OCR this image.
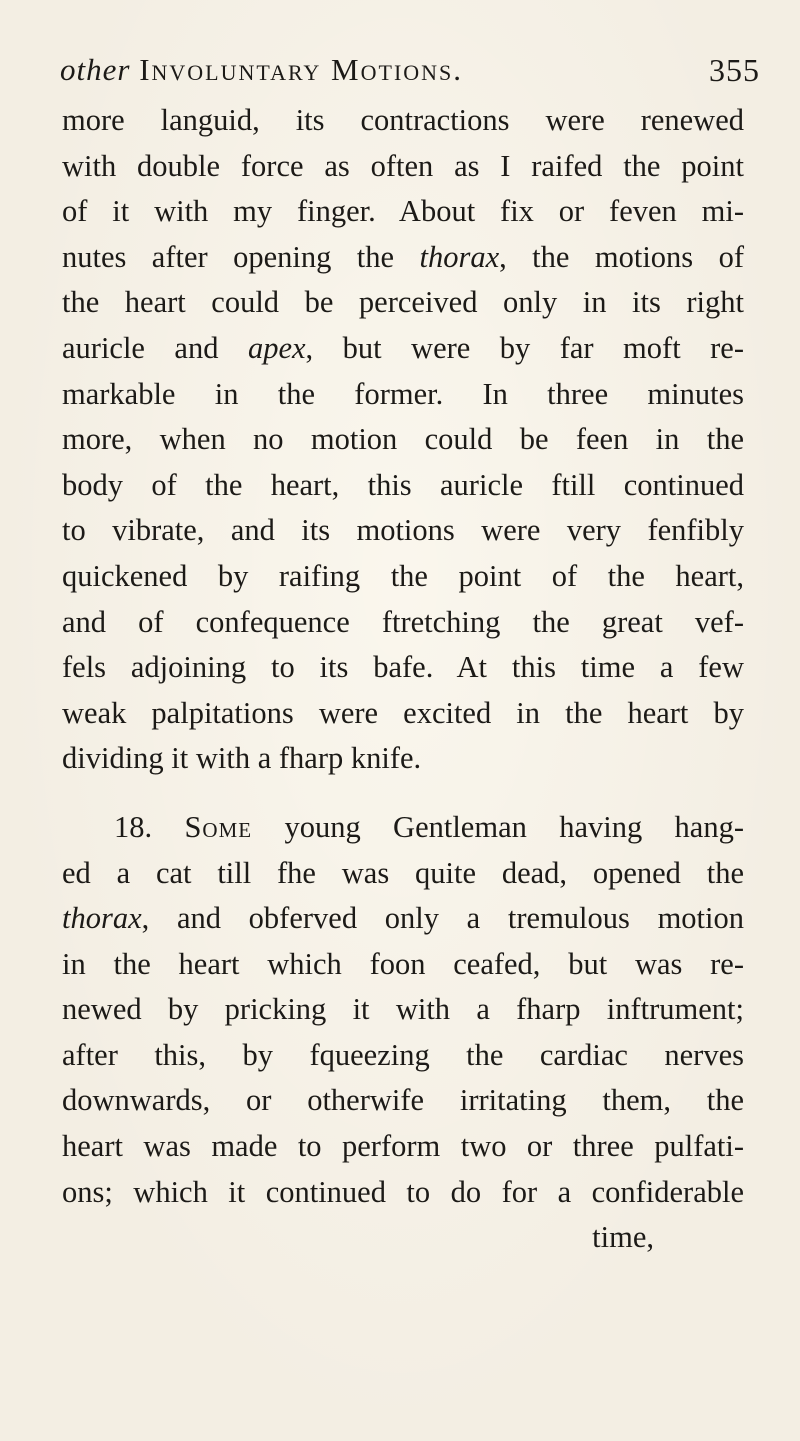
other Involuntary Motions.	355
more languid, its contractions were renewed
with double force as often as I raifed the point
of it with my finger. About fix or feven mi-
nutes after opening the thorax, the motions of
the heart could be perceived only in its right
auricle and apex, but were by far moft re-
markable in the former. In three minutes
more, when no motion could be feen in the
body of the heart, this auricle ftill continued
to vibrate, and its motions were very fenfibly
quickened by raifing the point of the heart,
and of confequence ftretching the great vef-
fels adjoining to its bafe. At this time a few
weak palpitations were excited in the heart by
dividing it with a fharp knife.
18. Some young Gentleman having hang-
ed a cat till fhe was quite dead, opened the
thorax, and obferved only a tremulous motion
in the heart which foon ceafed, but was re-
newed by pricking it with a fharp inftrument;
after this, by fqueezing the cardiac nerves
downwards, or otherwife irritating them, the
heart was made to perform two or three pulfati-
ons; which it continued to do for a confiderable
time,
